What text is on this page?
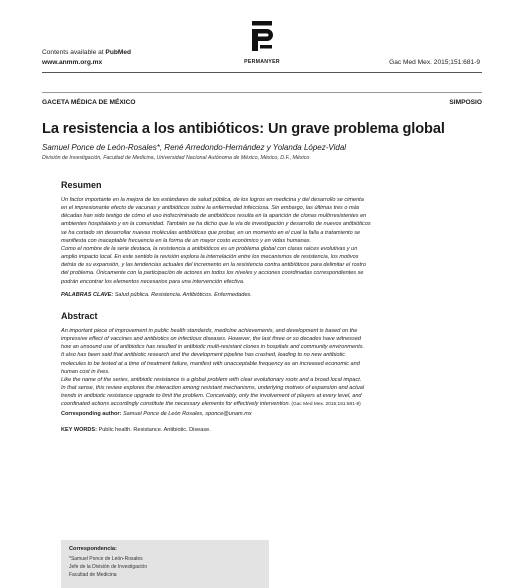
Contents available at PubMed
www.anmm.org.mx	PERMANYER	Gac Med Mex. 2015;151:681-9
GACETA MÉDICA DE MÉXICO	SIMPOSIO
La resistencia a los antibióticos: Un grave problema global
Samuel Ponce de León-Rosales*, René Arredondo-Hernández y Yolanda López-Vidal
División de Investigación, Facultad de Medicina, Universidad Nacional Autónoma de México, México, D.F., México
Resumen

Un factor importante en la mejora de los estándares de salud pública, de los logros en medicina y del desarrollo se cimenta

en el impresionante efecto de vacunas y antibióticos sobre la enfermedad infecciosa. Sin embargo, las últimas tres o más

décadas han sido testigo de cómo el uso indiscriminado de antibióticos resulta en la aparición de clonas multirresistentes en

ambientes hospitalario y en la comunidad. También se ha dicho que la vía de investigación y desarrollo de nuevos antibióticos

se ha cortado sin desarrollar nuevas moléculas antibióticas que probar, en un momento en el cual la falla a tratamiento se

manifiesta con inaceptable frecuencia en la forma de un mayor costo económico y en vidas humanas.

Como el nombre de la serie destaca, la resistencia a antibióticos es un problema global con claras raíces evolutivas y un

amplio impacto local. En este sentido la revisión explora la interrelación entre los mecanismos de resistencia, los motivos

detrás de su expansión, y las tendencias actuales del incremento en la resistencia contra antibióticos para delimitar el rostro

del problema. Únicamente con la participación de actores en todos los niveles y acciones coordinadas correspondientes se

podrán encontrar los elementos necesarios para una intervención efectiva.

PALABRAS CLAVE: Salud pública. Resistencia. Antibióticos. Enfermedades.
Abstract

An important piece of improvement in public health standards, medicine achievements, and development is based on the

impressive effect of vaccines and antibiotics on infectious diseases. However, the last three or so decades have witnessed

how an unsound use of antibiotics has resulted in antibiotic multi-resistant clones in hospitals and community environments.

It also has been said that antibiotic research and the development pipeline has crashed, leading to no new antibiotic

molecules to be tested at a time of treatment failure, manifest with unacceptable frequency as an increased economic and

human cost in lives.

Like the name of the series, antibiotic resistance is a global problem with clear evolutionary roots and a broad local impact.

In that sense, this review explores the interaction among resistant mechanisms, underlying motives of expansion and actual

trends in antibiotic resistance upgrade to limit the problem. Conceivably, only the involvement of players at every level, and

coordinated actions accordingly constitute the necessary elements for effectively intervention. (Gac Med Mex. 2015;151:681-9)

Corresponding author: Samuel Ponce de León Rosales, sponce@unam.mx

KEY WORDS: Public health. Resistance. Antibiotic. Disease.
Correspondencia:
*Samuel Ponce de León-Rosales
Jefe de la División de Investigación
Facultad de Medicina
